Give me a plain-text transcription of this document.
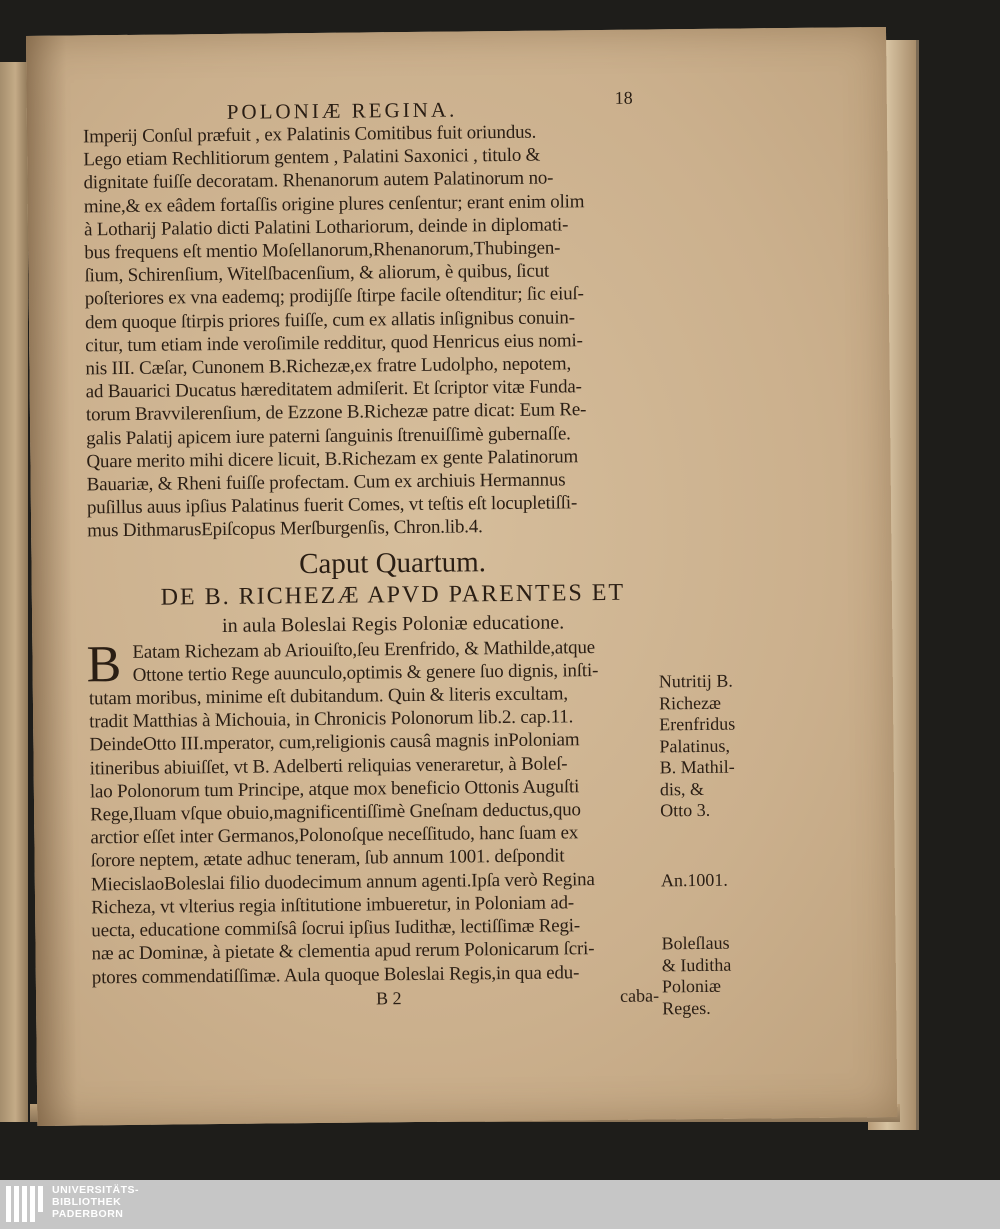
POLONIÆ REGINA.	18
Imperij Conſul præfuit , ex Palatinis Comitibus fuit oriundus.
Lego etiam Rechlitiorum gentem , Palatini Saxonici , titulo &
dignitate fuiſſe decoratam. Rhenanorum autem Palatinorum no-
mine,& ex eâdem fortaſſis origine plures cenſentur; erant enim olim
à Lotharij Palatio dicti Palatini Lothariorum, deinde in diplomati-
bus frequens eſt mentio Moſellanorum,Rhenanorum,Thubingen-
ſium, Schirenſium, Witelſbacenſium, & aliorum, è quibus, ſicut
poſteriores ex vna eademq; prodijſſe ſtirpe facile oſtenditur; ſic eiuſ-
dem quoque ſtirpis priores fuiſſe, cum ex allatis inſignibus conuin-
citur, tum etiam inde veroſimile redditur, quod Henricus eius nomi-
nis III. Cæſar, Cunonem B.Richezæ,ex fratre Ludolpho, nepotem,
ad Bauarici Ducatus hæreditatem admiſerit. Et ſcriptor vitæ Funda-
torum Bravvilerenſium, de Ezzone B.Richezæ patre dicat: Eum Re-
galis Palatij apicem iure paterni ſanguinis ſtrenuiſſimè gubernaſſe.
Quare merito mihi dicere licuit, B.Richezam ex gente Palatinorum
Bauariæ, & Rheni fuiſſe profectam. Cum ex archiuis Hermannus
puſillus auus ipſius Palatinus fuerit Comes, vt teſtis eſt locupletiſſi-
mus DithmarusEpiſcopus Merſburgenſis, Chron.lib.4.
Caput Quartum.
DE B. RICHEZÆ APVD PARENTES ET
in aula Boleslai Regis Poloniæ educatione.
B Eatam Richezam ab Ariouiſto,ſeu Erenfrido, & Mathilde,atque
Ottone tertio Rege auunculo,optimis & genere ſuo dignis, inſti-
tutam moribus, minime eſt dubitandum. Quin & literis excultam,
tradit Matthias à Michouia, in Chronicis Polonorum lib.2. cap.11.
DeindeOtto III.mperator, cum,religionis causâ magnis inPoloniam
itineribus abiuiſſet, vt B. Adelberti reliquias veneraretur, à Boleſ-
lao Polonorum tum Principe, atque mox beneficio Ottonis Auguſti
Rege,Iluam vſque obuio,magnificentiſſimè Gneſnam deductus,quo
arctior eſſet inter Germanos,Polonoſque neceſſitudo, hanc ſuam ex
ſorore neptem, ætate adhuc teneram, ſub annum 1001. deſpondit
MiecislaoBoleslai filio duodecimum annum agenti.Ipſa verò Regina
Richeza, vt vlterius regia inſtitutione imbueretur, in Poloniam ad-
uecta, educatione commiſsâ ſocrui ipſius Iudithæ, lectiſſimæ Regi-
næ ac Dominæ, à pietate & clementia apud rerum Polonicarum ſcri-
ptores commendatiſſimæ. Aula quoque Boleslai Regis,in qua edu-
B 2	caba-
Nutritij B.
Richezæ
Erenfridus
Palatinus,
B. Mathil-
dis, &
Otto 3.
An.1001.
Boleſlaus
& Iuditha
Poloniæ
Reges.
UNIVERSITÄTS-
BIBLIOTHEK
PADERBORN
